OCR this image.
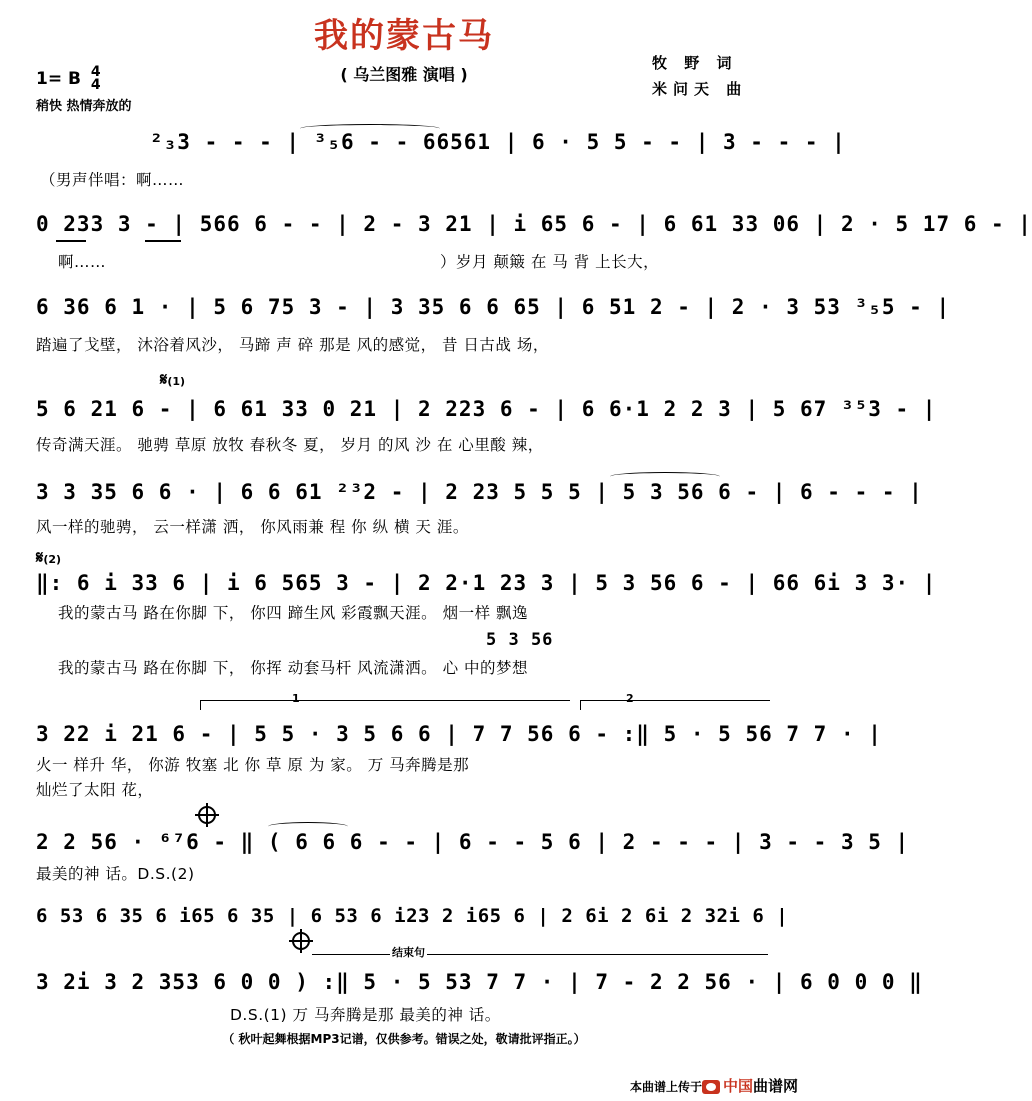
我的蒙古马
( 乌兰图雅 演唱 )
牧 野 词
米问天 曲
1= B 4
4
稍快 热情奔放的
²₃3 - - - | ³₅6 - - 66561 | 6 · 5 5 - - | 3 - - - |
（男声伴唱：啊……
0 233 3 - | 566 6 - - | 2 - 3 21 | i 65 6 - | 6 61 33 06 | 2 · 5 17 6 - |
啊……	）岁月 颠簸 在 马 背 上长大，
6 36 6 1 · | 5 6 75 3 - | 3 35 6 6 65 | 6 51 2 - | 2 · 3 53 ³₅5 - |
踏遍了戈壁， 沐浴着风沙， 马蹄 声 碎 那是 风的感觉， 昔 日古战 场，
𝄋(1)
5 6 21 6 - | 6 61 33 0 21 | 2 223 6 - | 6 6·1 2 2 3 | 5 67 ³⁵3 - |
传奇满天涯。 驰骋 草原 放牧 春秋冬 夏， 岁月 的风 沙 在 心里酸 辣，
3 3 35 6 6 · | 6 6 61 ²³2 - | 2 23 5 5 5 | 5 3 56 6 - | 6 - - - |
风一样的驰骋， 云一样潇 洒， 你风雨兼 程 你 纵 横 天 涯。
𝄋(2)
‖: 6 i 33 6 | i 6 565 3 - | 2 2·1 23 3 | 5 3 56 6 - | 66 6i 3 3· |
我的蒙古马 路在你脚 下， 你四 蹄生风 彩霞飘天涯。 烟一样 飘逸
5 3 56
我的蒙古马 路在你脚 下， 你挥 动套马杆 风流潇洒。 心 中的梦想
1	2
3 22 i 21 6 - | 5 5 · 3 5 6 6 | 7 7 56 6 - :‖ 5 · 5 56 7 7 · |
火一 样升 华， 你游 牧塞 北 你 草 原 为 家。 万 马奔腾是那
灿烂了太阳 花，
2 2 56 · ⁶⁷6 - ‖ ( 6 6 6 - - | 6 - - 5 6 | 2 - - - | 3 - - 3 5 |
最美的神 话。D.S.(2)
6 53 6 35 6 i65 6 35 | 6 53 6 i23 2 i65 6 | 2 6i 2 6i 2 32i 6 |
结束句
3 2i 3 2 353 6 0 0 ) :‖ 5 · 5 53 7 7 · | 7 - 2 2 56 · | 6 0 0 0 ‖
D.S.(1) 万 马奔腾是那 最美的神 话。
（ 秋叶起舞根据MP3记谱，仅供参考。错误之处，敬请批评指正。）
本曲谱上传于	中国曲谱网
